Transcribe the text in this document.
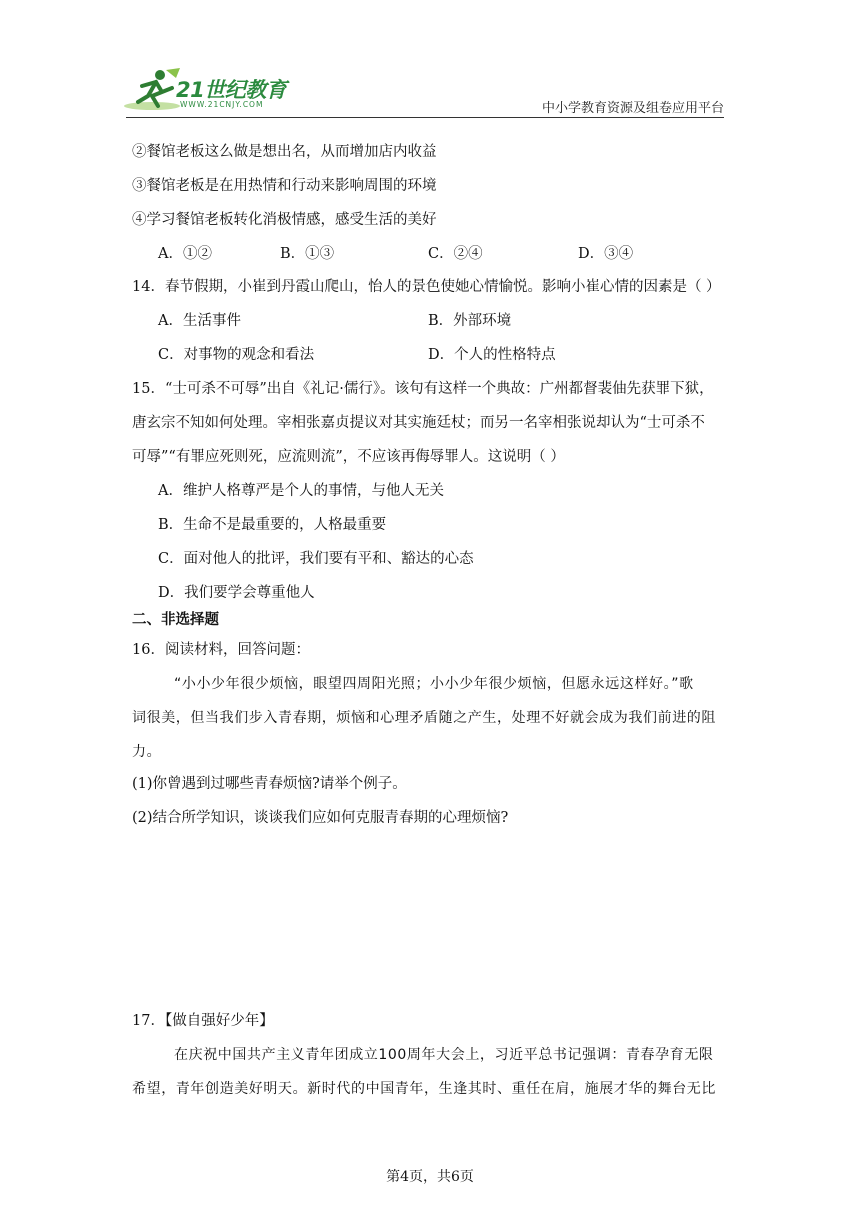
21世纪教育
WWW.21CNJY.COM	中小学教育资源及组卷应用平台
②餐馆老板这么做是想出名，从而增加店内收益
③餐馆老板是在用热情和行动来影响周围的环境
④学习餐馆老板转化消极情感，感受生活的美好
A．①②	B．①③	C．②④	D．③④
14．春节假期，小崔到丹霞山爬山，怡人的景色使她心情愉悦。影响小崔心情的因素是（ ）
A．生活事件	B．外部环境
C．对事物的观念和看法	D．个人的性格特点
15．“士可杀不可辱”出自《礼记·儒行》。该句有这样一个典故：广州都督裴伷先获罪下狱，
唐玄宗不知如何处理。宰相张嘉贞提议对其实施廷杖；而另一名宰相张说却认为“士可杀不
可辱”“有罪应死则死，应流则流”，不应该再侮辱罪人。这说明（ ）
A．维护人格尊严是个人的事情，与他人无关
B．生命不是最重要的，人格最重要
C．面对他人的批评，我们要有平和、豁达的心态
D．我们要学会尊重他人
二、非选择题
16．阅读材料，回答问题：
“小小少年很少烦恼，眼望四周阳光照；小小少年很少烦恼，但愿永远这样好。”歌
词很美，但当我们步入青春期，烦恼和心理矛盾随之产生，处理不好就会成为我们前进的阻
力。
(1)你曾遇到过哪些青春烦恼?请举个例子。
(2)结合所学知识，谈谈我们应如何克服青春期的心理烦恼?
17．【做自强好少年】
在庆祝中国共产主义青年团成立100周年大会上，习近平总书记强调：青春孕育无限
希望，青年创造美好明天。新时代的中国青年，生逢其时、重任在肩，施展才华的舞台无比
第4页，共6页
